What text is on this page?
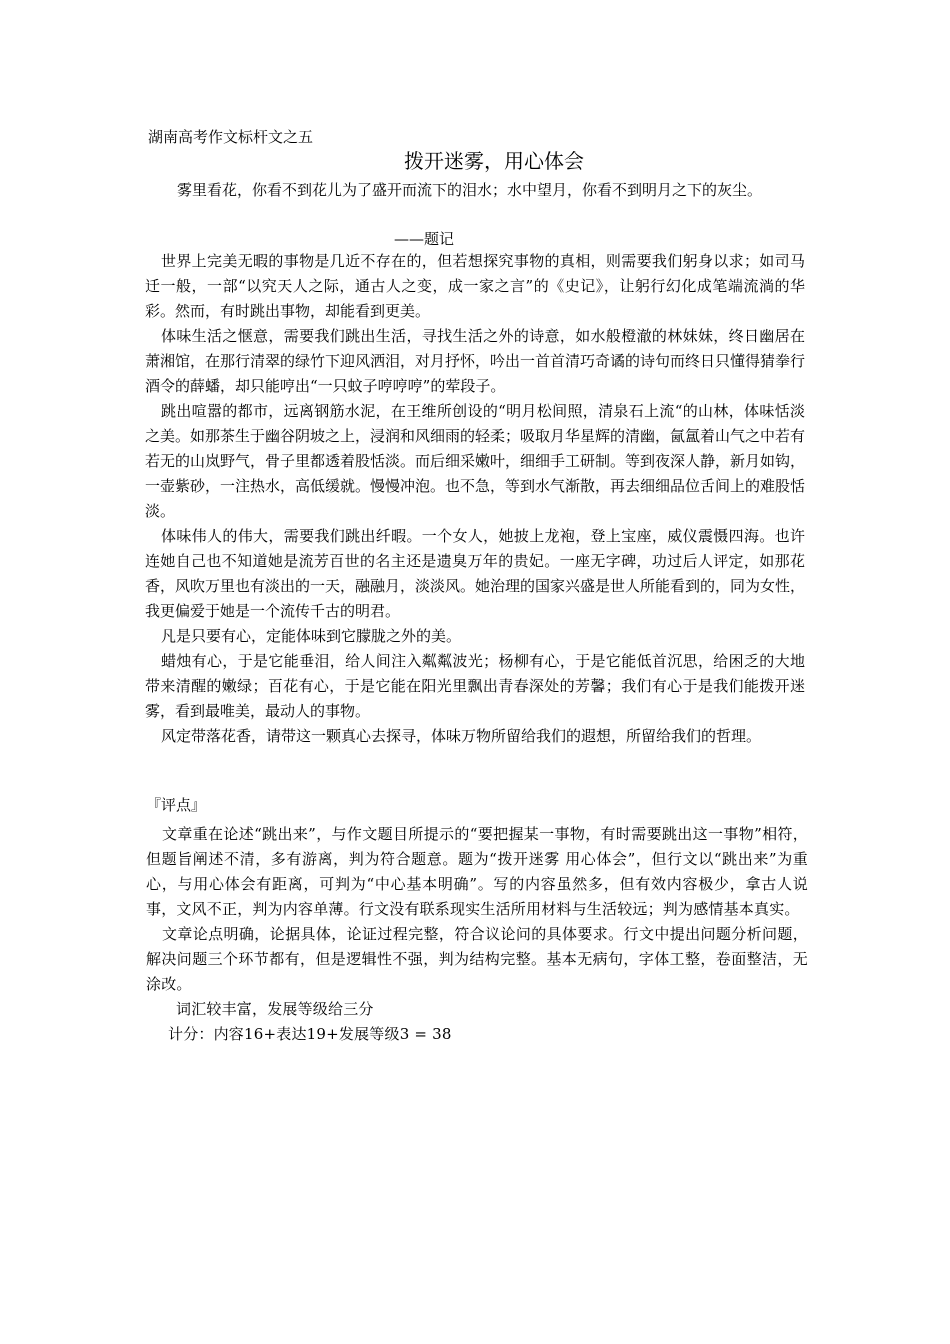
湖南高考作文标杆文之五
拨开迷雾，用心体会

雾里看花，你看不到花儿为了盛开而流下的泪水；水中望月，你看不到明月之下的灰尘。

——题记

世界上完美无暇的事物是几近不存在的，但若想探究事物的真相，则需要我们躬身以求；如司马迁一般，一部“以究天人之际，通古人之变，成一家之言”的《史记》，让躬行幻化成笔端流淌的华彩。然而，有时跳出事物，却能看到更美。

体味生活之惬意，需要我们跳出生活，寻找生活之外的诗意，如水般橙澈的林妹妹，终日幽居在萧湘馆，在那行清翠的绿竹下迎风洒泪，对月抒怀，吟出一首首清巧奇谲的诗句而终日只懂得猜拳行酒令的薛蟠，却只能哼出“一只蚊子哼哼哼”的荤段子。

跳出喧嚣的都市，远离钢筋水泥，在王维所创设的“明月松间照，清泉石上流“的山林，体味恬淡之美。如那茶生于幽谷阴坡之上，浸润和风细雨的轻柔；吸取月华星辉的清幽，氤氲着山气之中若有若无的山岚野气，骨子里都透着股恬淡。而后细采嫩叶，细细手工研制。等到夜深人静，新月如钩，一壶紫砂，一注热水，高低缓就。慢慢冲泡。也不急，等到水气渐散，再去细细品位舌间上的难股恬淡。

体味伟人的伟大，需要我们跳出纤暇。一个女人，她披上龙袍，登上宝座，威仪震慑四海。也许连她自己也不知道她是流芳百世的名主还是遗臭万年的贵妃。一座无字碑，功过后人评定，如那花香，风吹万里也有淡出的一天，融融月，淡淡风。她治理的国家兴盛是世人所能看到的，同为女性，我更偏爱于她是一个流传千古的明君。

凡是只要有心，定能体味到它朦胧之外的美。

蜡烛有心，于是它能垂泪，给人间注入粼粼波光；杨柳有心，于是它能低首沉思，给困乏的大地带来清醒的嫩绿；百花有心，于是它能在阳光里飘出青春深处的芳馨；我们有心于是我们能拨开迷雾，看到最唯美，最动人的事物。

风定带落花香，请带这一颗真心去探寻，体味万物所留给我们的遐想，所留给我们的哲理。

『评点』

文章重在论述“跳出来”，与作文题目所提示的“要把握某一事物，有时需要跳出这一事物”相符，但题旨阐述不清，多有游离，判为符合题意。题为“拨开迷雾 用心体会”，但行文以“跳出来”为重心，与用心体会有距离，可判为“中心基本明确”。写的内容虽然多，但有效内容极少，拿古人说事，文风不正，判为内容单薄。行文没有联系现实生活所用材料与生活较远；判为感情基本真实。

文章论点明确，论据具体，论证过程完整，符合议论问的具体要求。行文中提出问题分析问题，解决问题三个环节都有，但是逻辑性不强，判为结构完整。基本无病句，字体工整，卷面整洁，无涂改。

词汇较丰富，发展等级给三分

计分：内容16+表达19+发展等级3 = 38
